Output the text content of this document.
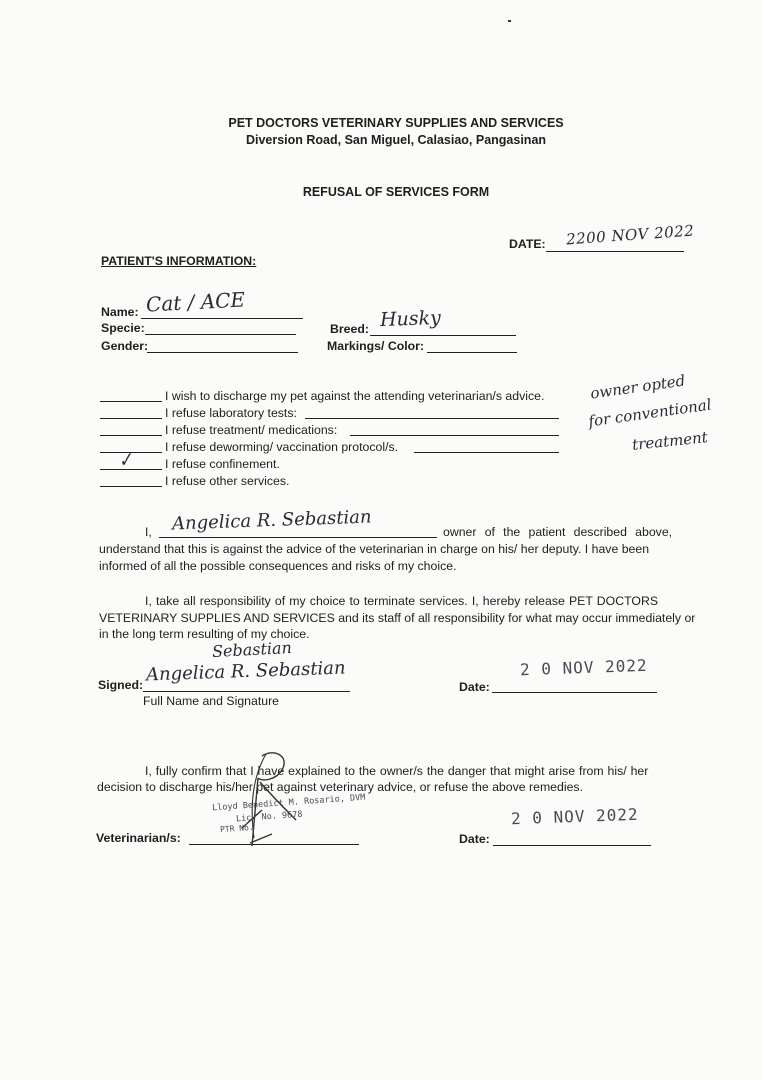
PET DOCTORS VETERINARY SUPPLIES AND SERVICES
Diversion Road, San Miguel, Calasiao, Pangasinan
REFUSAL OF SERVICES FORM
DATE: 2200 NOV 2022
PATIENT'S INFORMATION:
Name: Cat / ACE
Specie:
Gender:
Breed: Husky
Markings/ Color:
I wish to discharge my pet against the attending veterinarian/s advice.
I refuse laboratory tests:
I refuse treatment/ medications:
I refuse deworming/ vaccination protocol/s.
✓ I refuse confinement.
I refuse other services.
owner opted
for conventional
treatment
I, Angelica R. Sebastian	owner of the patient described above,
understand that this is against the advice of the veterinarian in charge on his/ her deputy. I have been
informed of all the possible consequences and risks of my choice.
I, take all responsibility of my choice to terminate services. I, hereby release PET DOCTORS
VETERINARY SUPPLIES AND SERVICES and its staff of all responsibility for what may occur immediately or
in the long term resulting of my choice.
Signed:
Sebastian
Angelica R. Sebastian
Full Name and Signature
Date:
2 0 NOV 2022
I, fully confirm that I have explained to the owner/s the danger that might arise from his/ her
decision to discharge his/her pet against veterinary advice, or refuse the above remedies.
Veterinarian/s:
Lloyd Benedict M. Rosario, DVM
Lic. No. 9678
PTR No.
Date:
2 0 NOV 2022
